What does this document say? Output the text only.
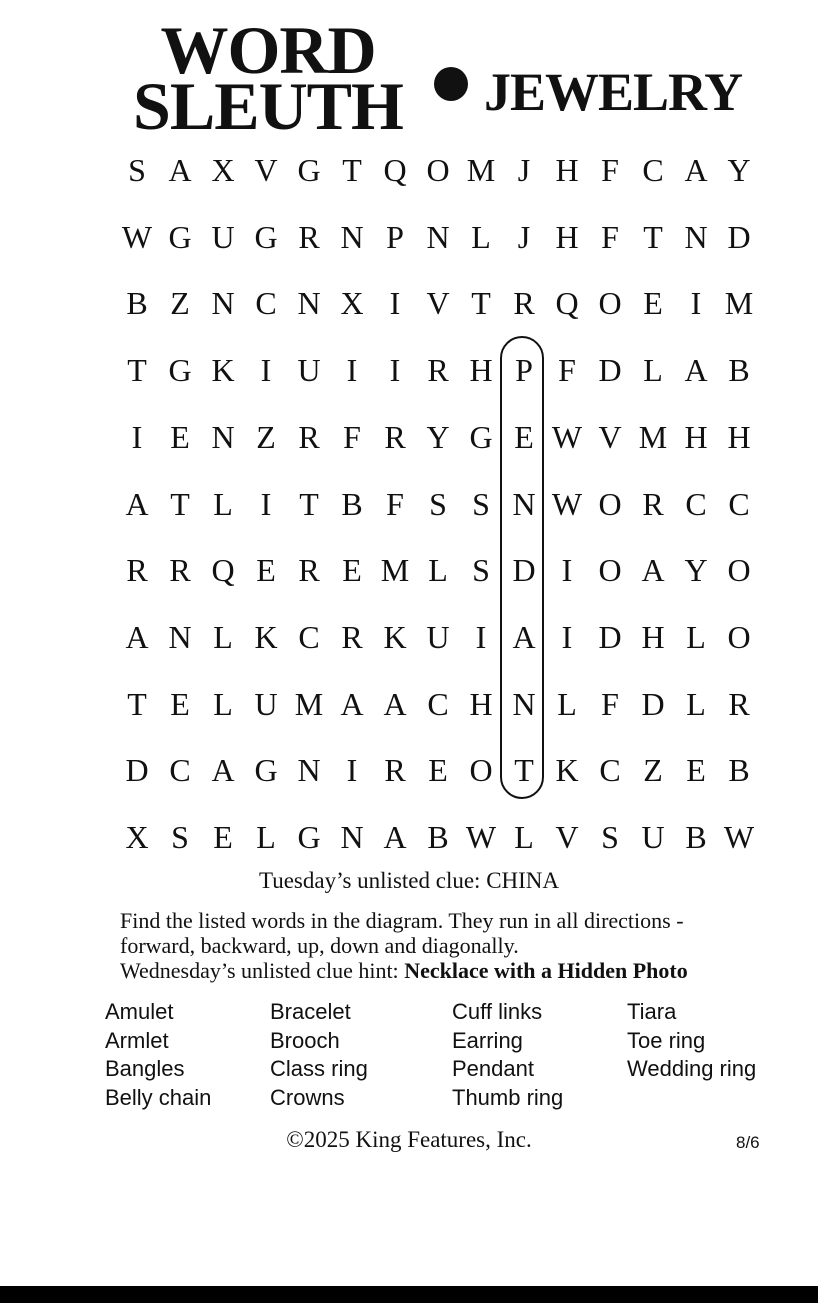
WORD
SLEUTH JEWELRY
S A X V G T Q O M J H F C A Y
W G U G R N P N L J H F T N D
B Z N C N X I V T R Q O E I M
T G K I U I	I R H P F D L A B
I E N Z R F R Y G E W V M H H
A T L I T B F S S N W O R C C
R R Q E R E M L S D I O A Y O
A N L K C R K U I A I D H L O
T E L U M A A C H N L F D L R
D C A G N I R E O T K C Z E B
X S E L G N A B W L V S U B W
Tuesday’s unlisted clue: CHINA
Find the listed words in the diagram. They run in all directions -
forward, backward, up, down and diagonally.
Wednesday’s unlisted clue hint: Necklace with a Hidden Photo
Amulet
Armlet
Bangles
Belly chain
Bracelet
Brooch
Class ring
Crowns
Cuff links
Earring
Pendant
Thumb ring
Tiara
Toe ring
Wedding ring
©2025 King Features, Inc.	8/6
